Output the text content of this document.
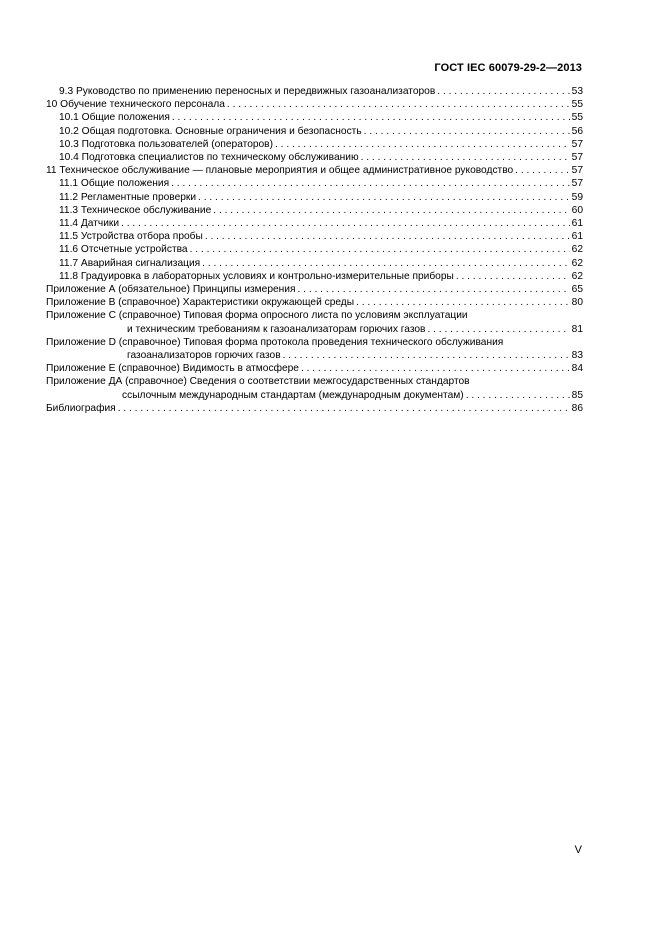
ГОСТ IEC 60079-29-2—2013
9.3 Руководство по применению переносных и передвижных газоанализаторов . . .	53
10 Обучение технического персонала . . .	55
10.1 Общие положения . . .	55
10.2 Общая подготовка. Основные ограничения и безопасность . . .	56
10.3 Подготовка пользователей (операторов) . . .	57
10.4 Подготовка специалистов по техническому обслуживанию . . .	57
11 Техническое обслуживание — плановые мероприятия и общее административное руководство . . .	57
11.1 Общие положения . . .	57
11.2 Регламентные проверки . . .	59
11.3 Техническое обслуживание . . .	60
11.4 Датчики . . .	61
11.5 Устройства отбора пробы . . .	61
11.6 Отсчетные устройства . . .	62
11.7 Аварийная сигнализация . . .	62
11.8 Градуировка в лабораторных условиях и контрольно-измерительные приборы . . .	62
Приложение А (обязательное) Принципы измерения . . .	65
Приложение В (справочное) Характеристики окружающей среды . . .	80
Приложение С (справочное) Типовая форма опросного листа по условиям эксплуатации
и техническим требованиям к газоанализаторам горючих газов . . .	81
Приложение D (справочное) Типовая форма протокола проведения технического обслуживания
газоанализаторов горючих газов . . .	83
Приложение Е (справочное) Видимость в атмосфере . . .	84
Приложение ДА (справочное) Сведения о соответствии межгосударственных стандартов
ссылочным международным стандартам (международным документам) . . .	85
Библиография . . .	86
V
